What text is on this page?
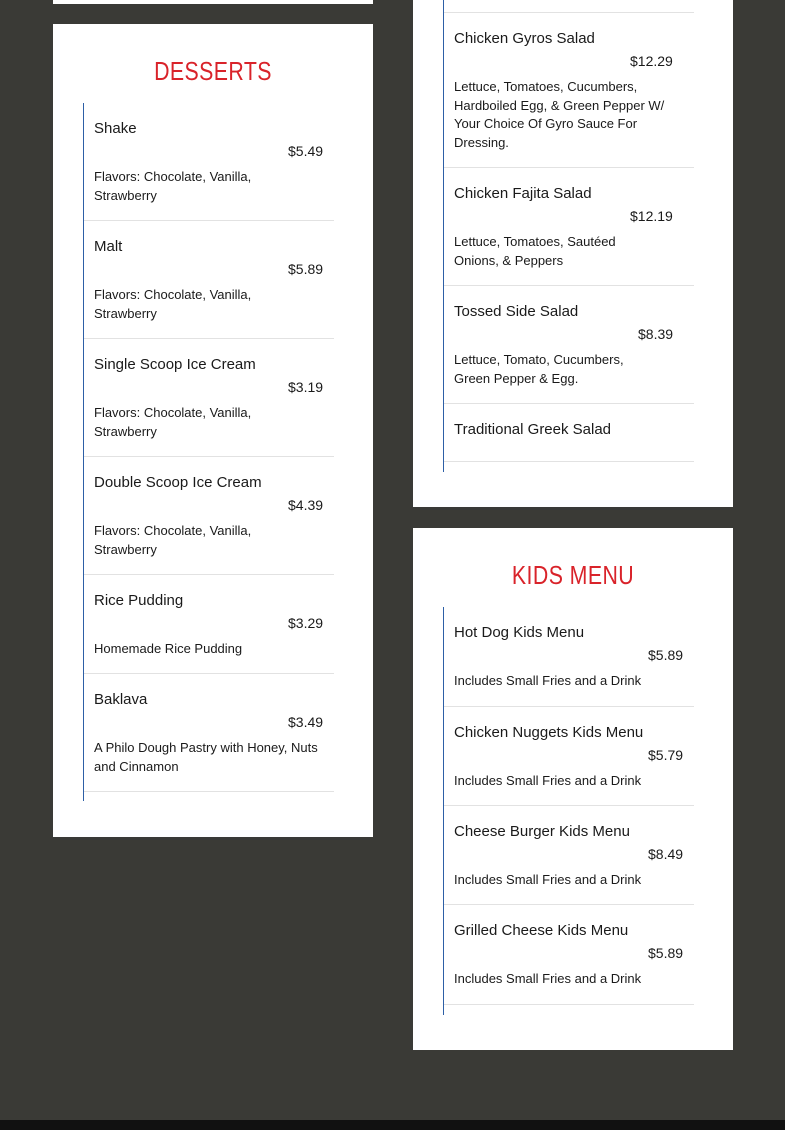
DESSERTS
Shake
$5.49
Flavors: Chocolate, Vanilla, Strawberry
Malt
$5.89
Flavors: Chocolate, Vanilla, Strawberry
Single Scoop Ice Cream
$3.19
Flavors: Chocolate, Vanilla, Strawberry
Double Scoop Ice Cream
$4.39
Flavors: Chocolate, Vanilla, Strawberry
Rice Pudding
$3.29
Homemade Rice Pudding
Baklava
$3.49
A Philo Dough Pastry with Honey, Nuts and Cinnamon
Chicken Gyros Salad
$12.29
Lettuce, Tomatoes, Cucumbers, Hardboiled Egg, & Green Pepper W/ Your Choice Of Gyro Sauce For Dressing.
Chicken Fajita Salad
$12.19
Lettuce, Tomatoes, Sautéed Onions, & Peppers
Tossed Side Salad
$8.39
Lettuce, Tomato, Cucumbers, Green Pepper & Egg.
Traditional Greek Salad
KIDS MENU
Hot Dog Kids Menu
$5.89
Includes Small Fries and a Drink
Chicken Nuggets Kids Menu
$5.79
Includes Small Fries and a Drink
Cheese Burger Kids Menu
$8.49
Includes Small Fries and a Drink
Grilled Cheese Kids Menu
$5.89
Includes Small Fries and a Drink
